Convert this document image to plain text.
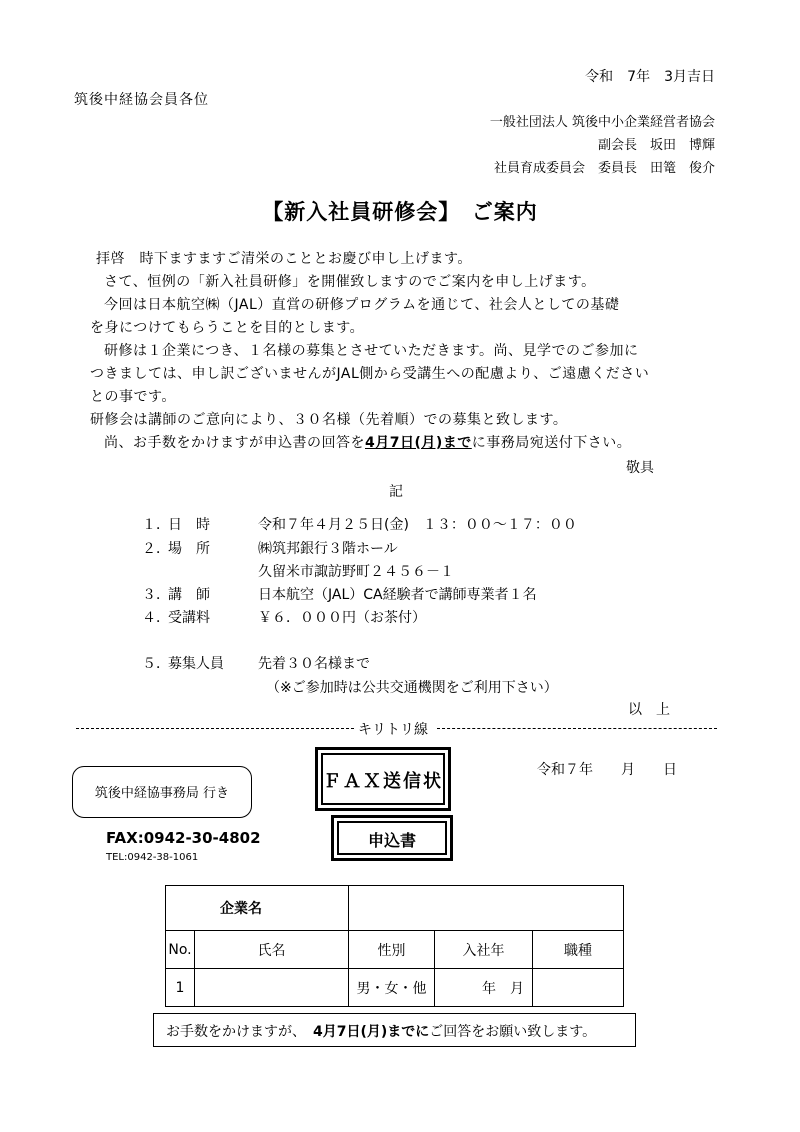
令和　7年　3月吉日
筑後中経協会員各位
一般社団法人 筑後中小企業経営者協会
副会長　坂田　博輝
社員育成委員会　委員長　田篭　俊介
【新入社員研修会】　ご案内
拝啓　時下ますますご清栄のこととお慶び申し上げます。
さて、恒例の「新入社員研修」を開催致しますのでご案内を申し上げます。
今回は日本航空㈱（JAL）直営の研修プログラムを通じて、社会人としての基礎
を身につけてもらうことを目的とします。
研修は１企業につき、１名様の募集とさせていただきます。尚、見学でのご参加に
つきましては、申し訳ございませんがJAL側から受講生への配慮より、ご遠慮ください
との事です。
研修会は講師のご意向により、３０名様（先着順）での募集と致します。
尚、お手数をかけますが申込書の回答を4月7日(月)までに事務局宛送付下さい。
敬具
記
１．
日　時	令和７年４月２５日(金)　１３：００～１７：００
２．
場　所	㈱筑邦銀行３階ホール
久留米市諏訪野町２４５６－１
３．
講　師	日本航空（JAL）CA経験者で講師専業者１名
４．
受講料	￥６．０００円（お茶付）
５．
募集人員 先着３０名様まで
（※ご参加時は公共交通機関をご利用下さい）
以　上
キリトリ線
筑後中経協事務局 行き
ＦＡＸ送信状
令和７年　　月　　日
申込書
FAX:0942-30-4802
TEL:0942-38-1061
企業名				
No.	氏名	性別	入社年	職種
1		男・女・他	年　月	
お手数をかけますが、　4月7日(月)までにご回答をお願い致します。
